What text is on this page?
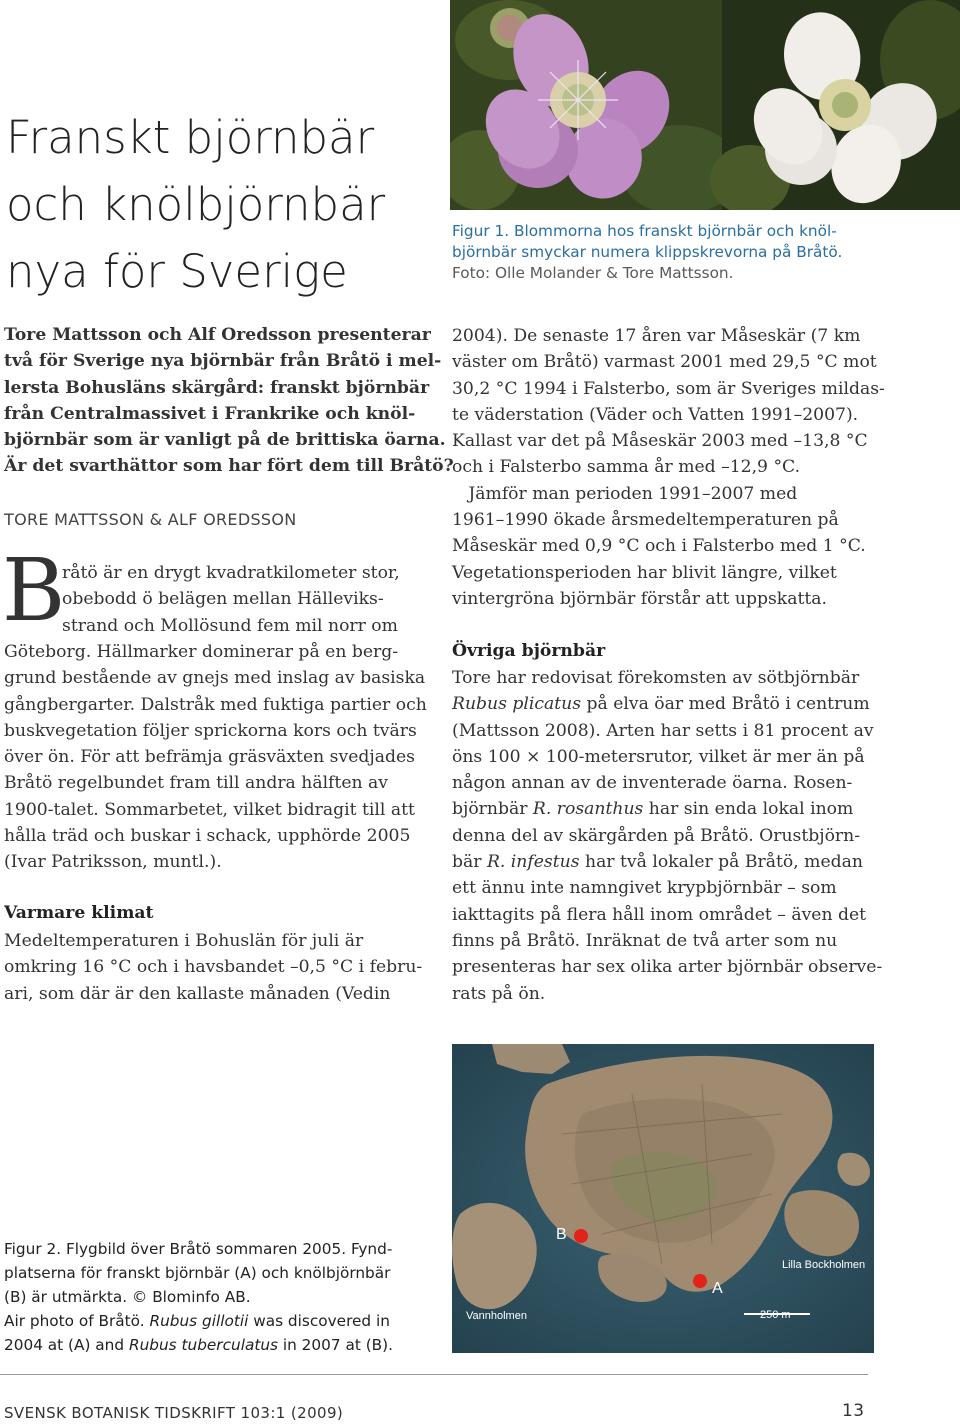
Franskt björnbär
och knölbjörnbär
nya för Sverige
Tore Mattsson och Alf Oredsson presenterar
två för Sverige nya björnbär från Bråtö i mel-
lersta Bohusläns skärgård: franskt björnbär
från Centralmassivet i Frankrike och knöl-
björnbär som är vanligt på de brittiska öarna.
Är det svarthättor som har fört dem till Bråtö?
TORE MATTSSON & ALF OREDSSON
B
råtö är en drygt kvadratkilometer stor,
obebodd ö belägen mellan Hälleviks-
strand och Mollösund fem mil norr om
Göteborg. Hällmarker dominerar på en berg-
grund bestående av gnejs med inslag av basiska
gångbergarter. Dalstråk med fuktiga partier och
buskvegetation följer sprickorna kors och tvärs
över ön. För att befrämja gräsväxten svedjades
Bråtö regelbundet fram till andra hälften av
1900-talet. Sommarbetet, vilket bidragit till att
hålla träd och buskar i schack, upphörde 2005
(Ivar Patriksson, muntl.).
Varmare klimat
Medeltemperaturen i Bohuslän för juli är
omkring 16 °C och i havsbandet –0,5 °C i febru-
ari, som där är den kallaste månaden (Vedin
Figur 1. Blommorna hos franskt björnbär och knöl-
björnbär smyckar numera klippskrevorna på Bråtö.
Foto: Olle Molander & Tore Mattsson.
2004). De senaste 17 åren var Måseskär (7 km
väster om Bråtö) varmast 2001 med 29,5 °C mot
30,2 °C 1994 i Falsterbo, som är Sveriges mildas-
te väderstation (Väder och Vatten 1991–2007).
Kallast var det på Måseskär 2003 med –13,8 °C
och i Falsterbo samma år med –12,9 °C.
Jämför man perioden 1991–2007 med
1961–1990 ökade årsmedeltemperaturen på
Måseskär med 0,9 °C och i Falsterbo med 1 °C.
Vegetationsperioden har blivit längre, vilket
vintergröna björnbär förstår att uppskatta.
Övriga björnbär
Tore har redovisat förekomsten av sötbjörnbär
Rubus plicatus på elva öar med Bråtö i centrum
(Mattsson 2008). Arten har setts i 81 procent av
öns 100 × 100-metersrutor, vilket är mer än på
någon annan av de inventerade öarna. Rosen-
björnbär R. rosanthus har sin enda lokal inom
denna del av skärgården på Bråtö. Orustbjörn-
bär R. infestus har två lokaler på Bråtö, medan
ett ännu inte namngivet krypbjörnbär – som
iakttagits på flera håll inom området – även det
finns på Bråtö. Inräknat de två arter som nu
presenteras har sex olika arter björnbär observe-
rats på ön.
Figur 2. Flygbild över Bråtö sommaren 2005. Fynd-
platserna för franskt björnbär (A) och knölbjörnbär
(B) är utmärkta. © Blominfo AB.
Air photo of Bråtö. Rubus gillotii was discovered in
2004 at (A) and Rubus tuberculatus in 2007 at (B).
B
A
Vannholmen
Lilla Bockholmen
250 m
SVENSK BOTANISK TIDSKRIFT 103:1 (2009)	13
